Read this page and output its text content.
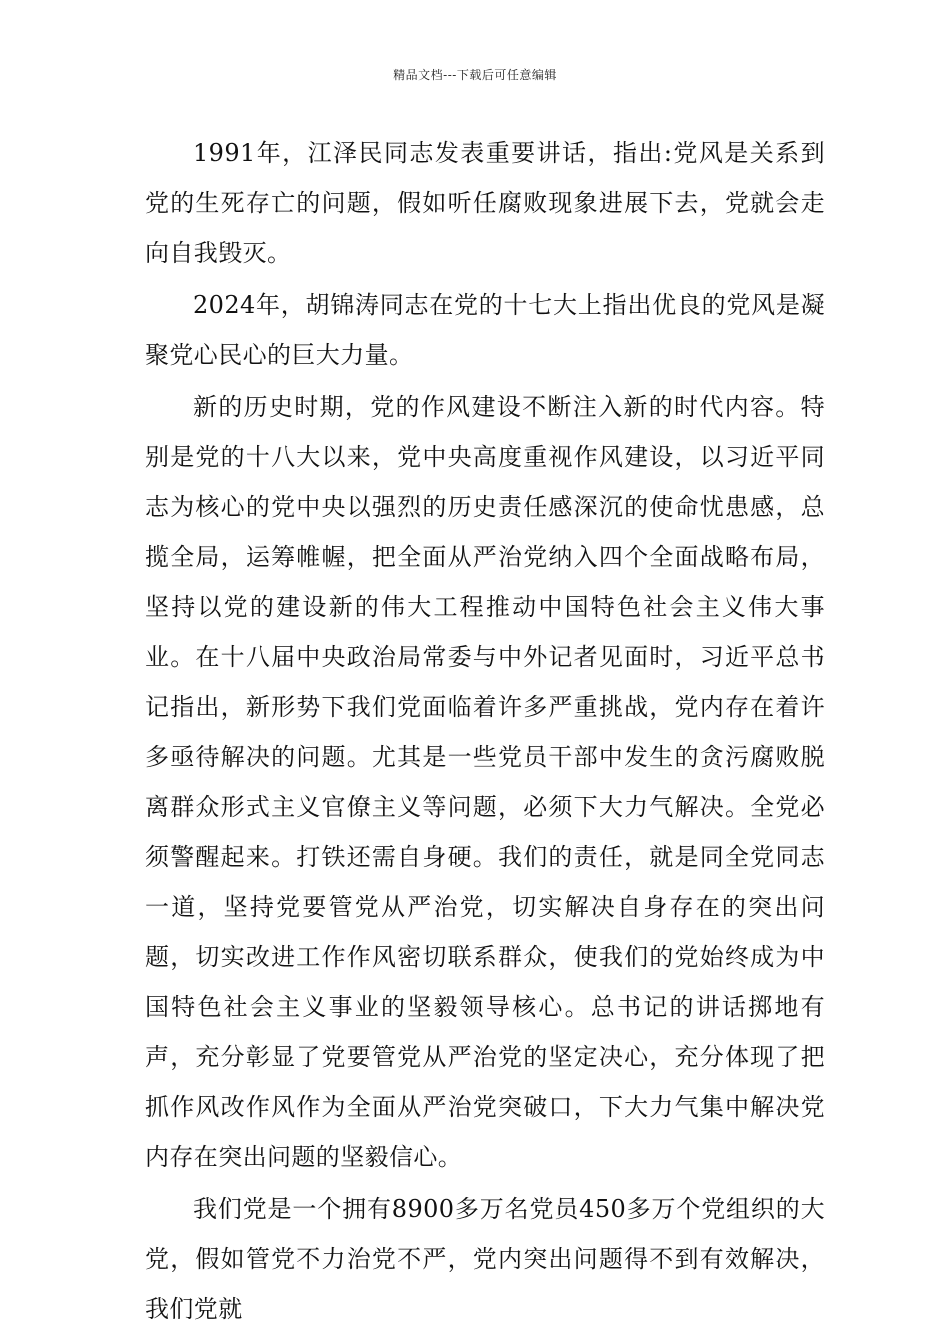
精品文档---下载后可任意编辑

1991年，江泽民同志发表重要讲话，指出:党风是关系到党的生死存亡的问题，假如听任腐败现象进展下去，党就会走向自我毁灭。

2024年，胡锦涛同志在党的十七大上指出优良的党风是凝聚党心民心的巨大力量。

新的历史时期，党的作风建设不断注入新的时代内容。特别是党的十八大以来，党中央高度重视作风建设，以习近平同志为核心的党中央以强烈的历史责任感深沉的使命忧患感，总揽全局，运筹帷幄，把全面从严治党纳入四个全面战略布局，坚持以党的建设新的伟大工程推动中国特色社会主义伟大事业。在十八届中央政治局常委与中外记者见面时，习近平总书记指出，新形势下我们党面临着许多严重挑战，党内存在着许多亟待解决的问题。尤其是一些党员干部中发生的贪污腐败脱离群众形式主义官僚主义等问题，必须下大力气解决。全党必须警醒起来。打铁还需自身硬。我们的责任，就是同全党同志一道，坚持党要管党从严治党，切实解决自身存在的突出问题，切实改进工作作风密切联系群众，使我们的党始终成为中国特色社会主义事业的坚毅领导核心。总书记的讲话掷地有声，充分彰显了党要管党从严治党的坚定决心，充分体现了把抓作风改作风作为全面从严治党突破口，下大力气集中解决党内存在突出问题的坚毅信心。

我们党是一个拥有8900多万名党员450多万个党组织的大党，假如管党不力治党不严，党内突出问题得不到有效解决，我们党就
